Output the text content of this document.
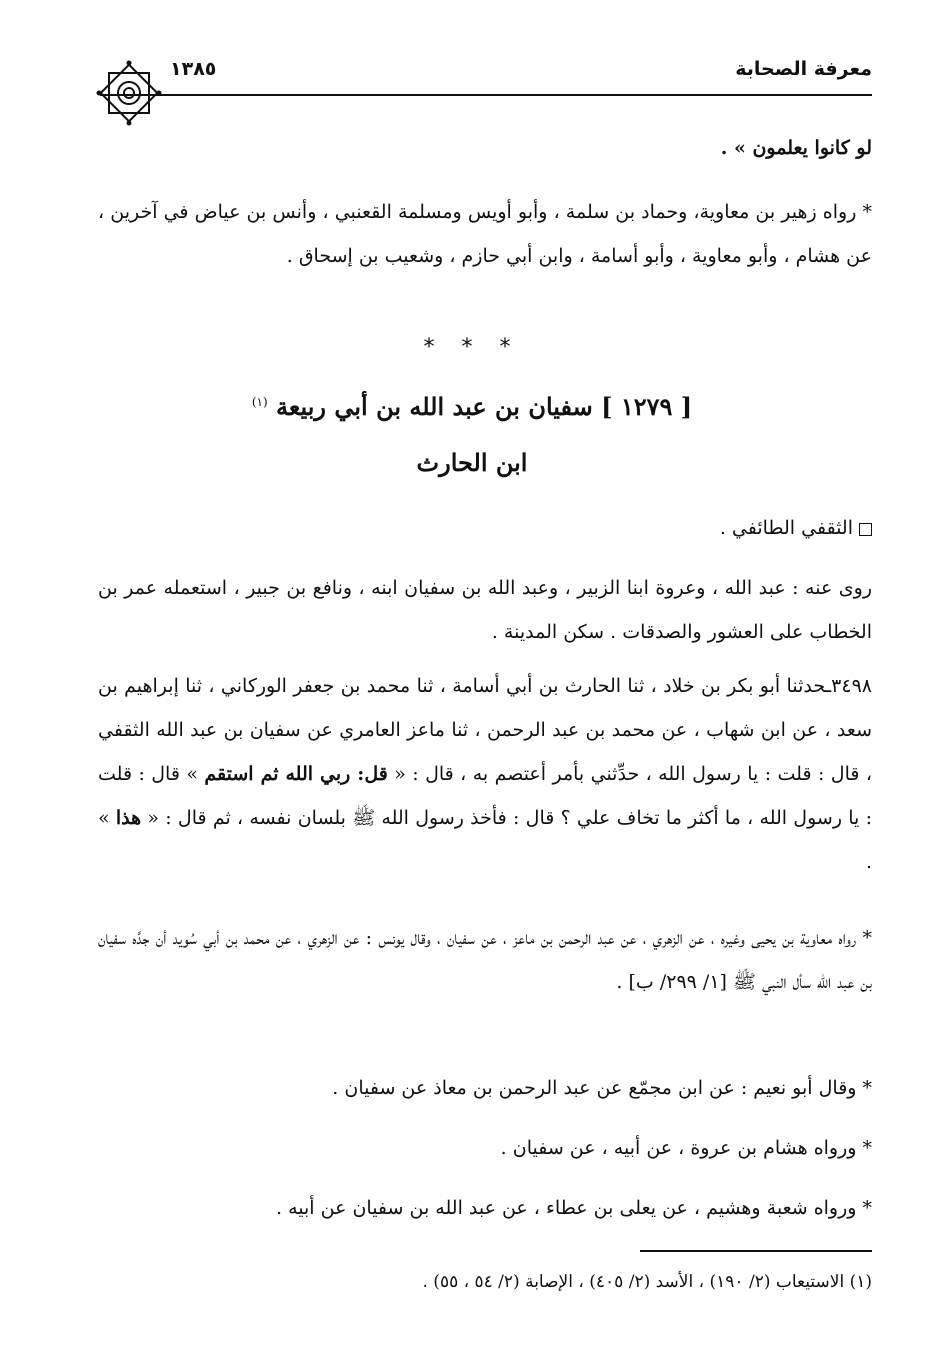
معرفة الصحابة
١٣٨٥
لو كانوا يعلمون » .
* رواه زهير بن معاوية، وحماد بن سلمة ، وأبو أويس ومسلمة القعنبي ، وأنس بن عياض في آخرين ، عن هشام ، وأبو معاوية ، وأبو أسامة ، وابن أبي حازم ، وشعيب بن إسحاق .
* * *
[ ١٢٧٩ ] سفيان بن عبد الله بن أبي ربيعة $^{(١)}$
ابن الحارث
الثقفي الطائفي .
روى عنه : عبد الله ، وعروة ابنا الزبير ، وعبد الله بن سفيان ابنه ، ونافع بن جبير ، استعمله عمر بن الخطاب على العشور والصدقات . سكن المدينة .
٣٤٩٨ـحدثنا أبو بكر بن خلاد ، ثنا الحارث بن أبي أسامة ، ثنا محمد بن جعفر الوركاني ، ثنا إبراهيم بن سعد ، عن ابن شهاب ، عن محمد بن عبد الرحمن ، ثنا ماعز العامري عن سفيان بن عبد الله الثقفي ، قال : قلت : يا رسول الله ، حدِّثني بأمر أعتصم به ، قال : « قل: ربي الله ثم استقم » قال : قلت : يا رسول الله ، ما أكثر ما تخاف علي ؟ قال : فأخذ رسول الله ﷺ بلسان نفسه ، ثم قال : « هذا » .
* رواه معاوية بن يحيى وغيره ، عن الزهري ، عن عبد الرحمن بن ماعز ، عن سفيان ، وقال يونس : عن الزهري ، عن محمد بن أبي سُويد أن جدَّه سفيان بن عبد الله سأل النبي ﷺ [١/ ٢٩٩/ ب] .
* وقال أبو نعيم : عن ابن مجمّع عن عبد الرحمن بن معاذ عن سفيان .
* ورواه هشام بن عروة ، عن أبيه ، عن سفيان .
* ورواه شعبة وهشيم ، عن يعلى بن عطاء ، عن عبد الله بن سفيان عن أبيه .
(١) الاستيعاب (٢/ ١٩٠) ، الأسد (٢/ ٤٠٥) ، الإصابة (٢/ ٥٤ ، ٥٥) .
